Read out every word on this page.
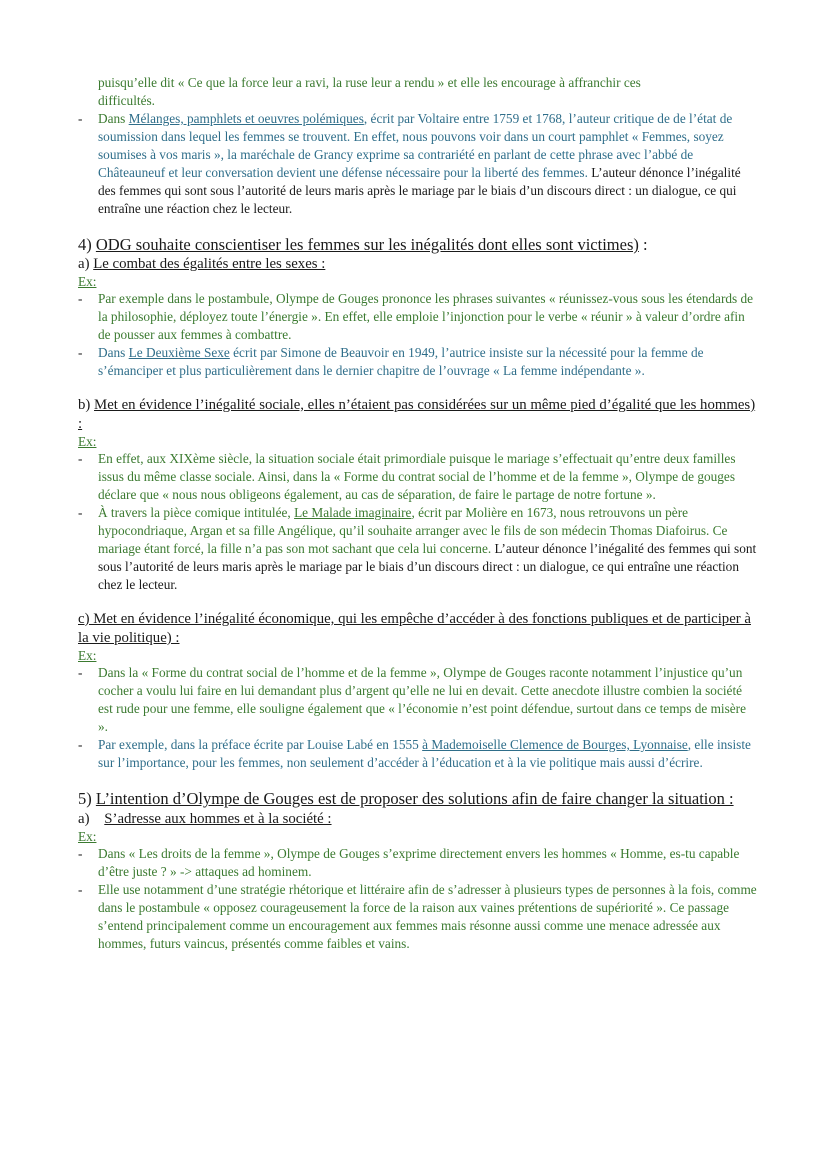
puisqu’elle dit « Ce que la force leur a ravi, la ruse leur a rendu » et elle les encourage à affranchir ces
difficultés.

-	Dans Mélanges, pamphlets et oeuvres polémiques, écrit par Voltaire entre 1759 et 1768, l’auteur critique de de l’état de soumission dans lequel les femmes se trouvent. En effet, nous pouvons voir dans un court pamphlet « Femmes, soyez soumises à vos maris », la maréchale de Grancy exprime sa contrariété en parlant de cette phrase avec l’abbé de Châteauneuf et leur conversation devient une défense nécessaire pour la liberté des femmes. L’auteur dénonce l’inégalité des femmes qui sont sous l’autorité de leurs maris après le mariage par le biais d’un discours direct : un dialogue, ce qui entraîne une réaction chez le lecteur.

4) ODG souhaite conscientiser les femmes sur les inégalités dont elles sont victimes) :

a) Le combat des égalités entre les sexes :

Ex:

-	Par exemple dans le postambule, Olympe de Gouges prononce les phrases suivantes « réunissez-vous sous les étendards de la philosophie, déployez toute l’énergie ». En effet, elle emploie l’injonction pour le verbe « réunir » à valeur d’ordre afin de pousser aux femmes à combattre.

-	Dans Le Deuxième Sexe écrit par Simone de Beauvoir en 1949, l’autrice insiste sur la nécessité pour la femme de s’émanciper et plus particulièrement dans le dernier chapitre de l’ouvrage « La femme indépendante ».

b) Met en évidence l’inégalité sociale, elles n’étaient pas considérées sur un même pied d’égalité que les hommes) :

Ex:

-	En effet, aux XIXème siècle, la situation sociale était primordiale puisque le mariage s’effectuait qu’entre deux familles issus du même classe sociale. Ainsi, dans la « Forme du contrat social de l’homme et de la femme », Olympe de gouges déclare que « nous nous obligeons également, au cas de séparation, de faire le partage de notre fortune ».

-	À travers la pièce comique intitulée, Le Malade imaginaire, écrit par Molière en 1673, nous retrouvons un père hypocondriaque, Argan et sa fille Angélique, qu’il souhaite arranger avec le fils de son médecin Thomas Diafoirus. Ce mariage étant forcé, la fille n’a pas son mot sachant que cela lui concerne. L’auteur dénonce l’inégalité des femmes qui sont sous l’autorité de leurs maris après le mariage par le biais d’un discours direct : un dialogue, ce qui entraîne une réaction chez le lecteur.

c) Met en évidence l’inégalité économique, qui les empêche d’accéder à des fonctions publiques et de participer à la vie politique) :

Ex:

-	Dans la « Forme du contrat social de l’homme et de la femme », Olympe de Gouges raconte notamment l’injustice qu’un cocher a voulu lui faire en lui demandant plus d’argent qu’elle ne lui en devait. Cette anecdote illustre combien la société est rude pour une femme, elle souligne également que « l’économie n’est point défendue, surtout dans ce temps de misère ».

-	Par exemple, dans la préface écrite par Louise Labé en 1555 à Mademoiselle Clemence de Bourges, Lyonnaise, elle insiste sur l’importance, pour les femmes, non seulement d’accéder à l’éducation et à la vie politique mais aussi d’écrire.

5) L’intention d’Olympe de Gouges est de proposer des solutions afin de faire changer la situation :

a)    S’adresse aux hommes et à la société :

Ex:

-	Dans « Les droits de la femme », Olympe de Gouges s’exprime directement envers les hommes « Homme, es-tu capable d’être juste ? » -> attaques ad hominem.

-	Elle use notamment d’une stratégie rhétorique et littéraire afin de s’adresser à plusieurs types de personnes à la fois, comme dans le postambule « opposez courageusement la force de la raison aux vaines prétentions de supériorité ». Ce passage s’entend principalement comme un encouragement aux femmes mais résonne aussi comme une menace adressée aux hommes, futurs vaincus, présentés comme faibles et vains.
